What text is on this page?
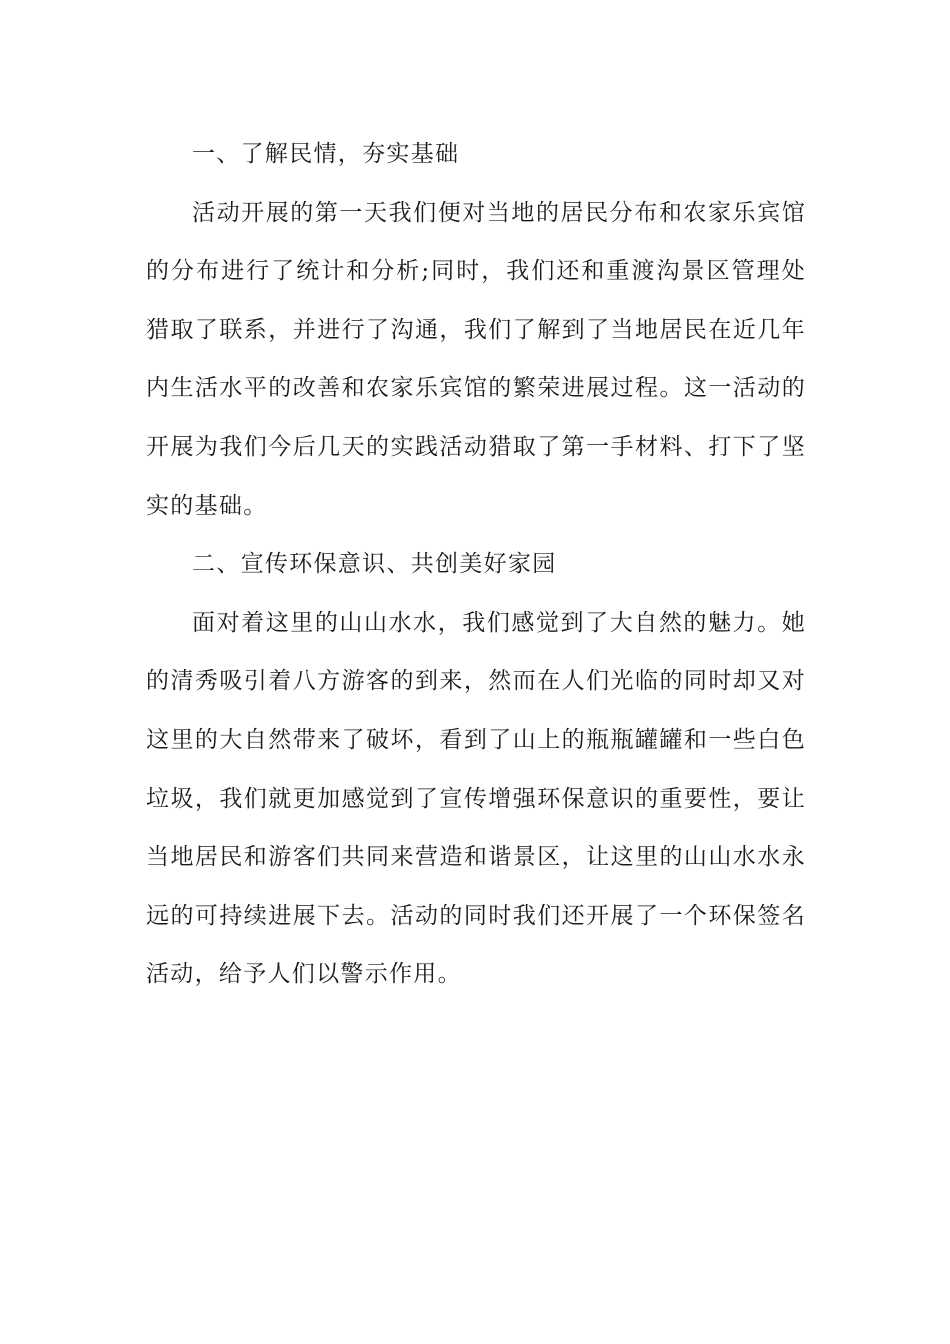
一、了解民情，夯实基础

活动开展的第一天我们便对当地的居民分布和农家乐宾馆的分布进行了统计和分析;同时，我们还和重渡沟景区管理处猎取了联系，并进行了沟通，我们了解到了当地居民在近几年内生活水平的改善和农家乐宾馆的繁荣进展过程。这一活动的开展为我们今后几天的实践活动猎取了第一手材料、打下了坚实的基础。

二、宣传环保意识、共创美好家园

面对着这里的山山水水，我们感觉到了大自然的魅力。她的清秀吸引着八方游客的到来，然而在人们光临的同时却又对这里的大自然带来了破坏，看到了山上的瓶瓶罐罐和一些白色垃圾，我们就更加感觉到了宣传增强环保意识的重要性，要让当地居民和游客们共同来营造和谐景区，让这里的山山水水永远的可持续进展下去。活动的同时我们还开展了一个环保签名活动，给予人们以警示作用。
